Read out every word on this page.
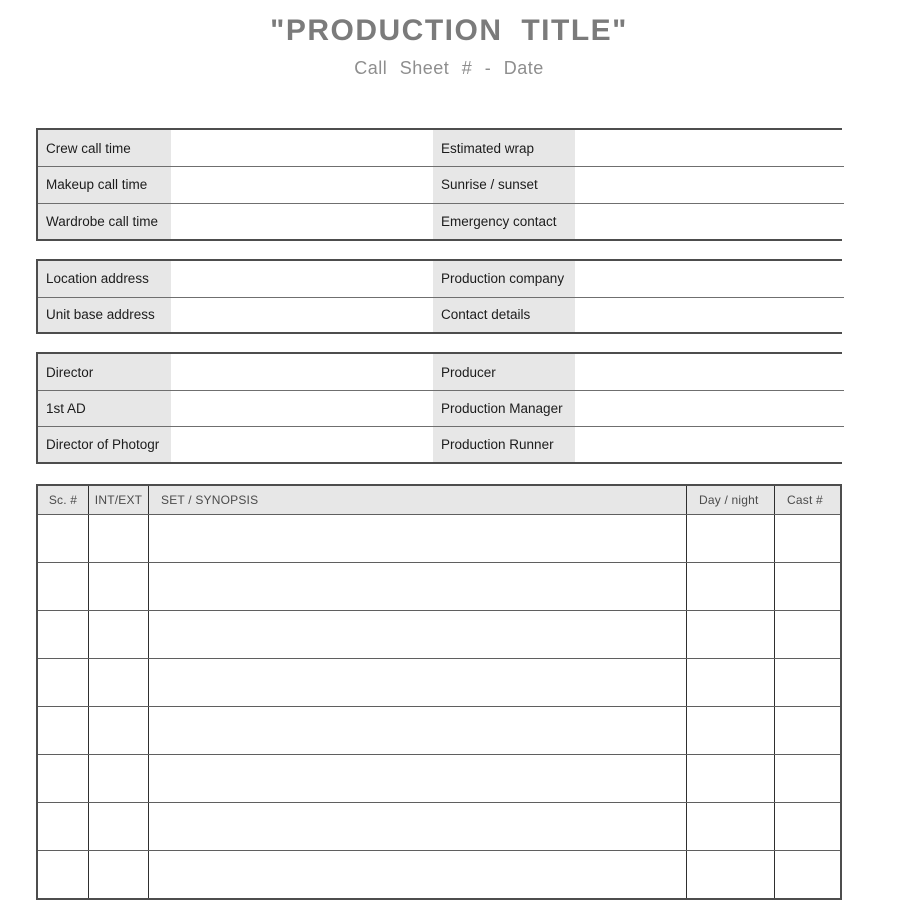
"PRODUCTION TITLE"
Call Sheet # - Date
Crew call time	Estimated wrap
Makeup call time	Sunrise / sunset
Wardrobe call time	Emergency contact
Location address	Production company
Unit base address	Contact details
Director	Producer
1st AD	Production Manager
Director of Photogr	Production Runner
Sc. #	INT/EXT	SET / SYNOPSIS	Day / night	Cast #
